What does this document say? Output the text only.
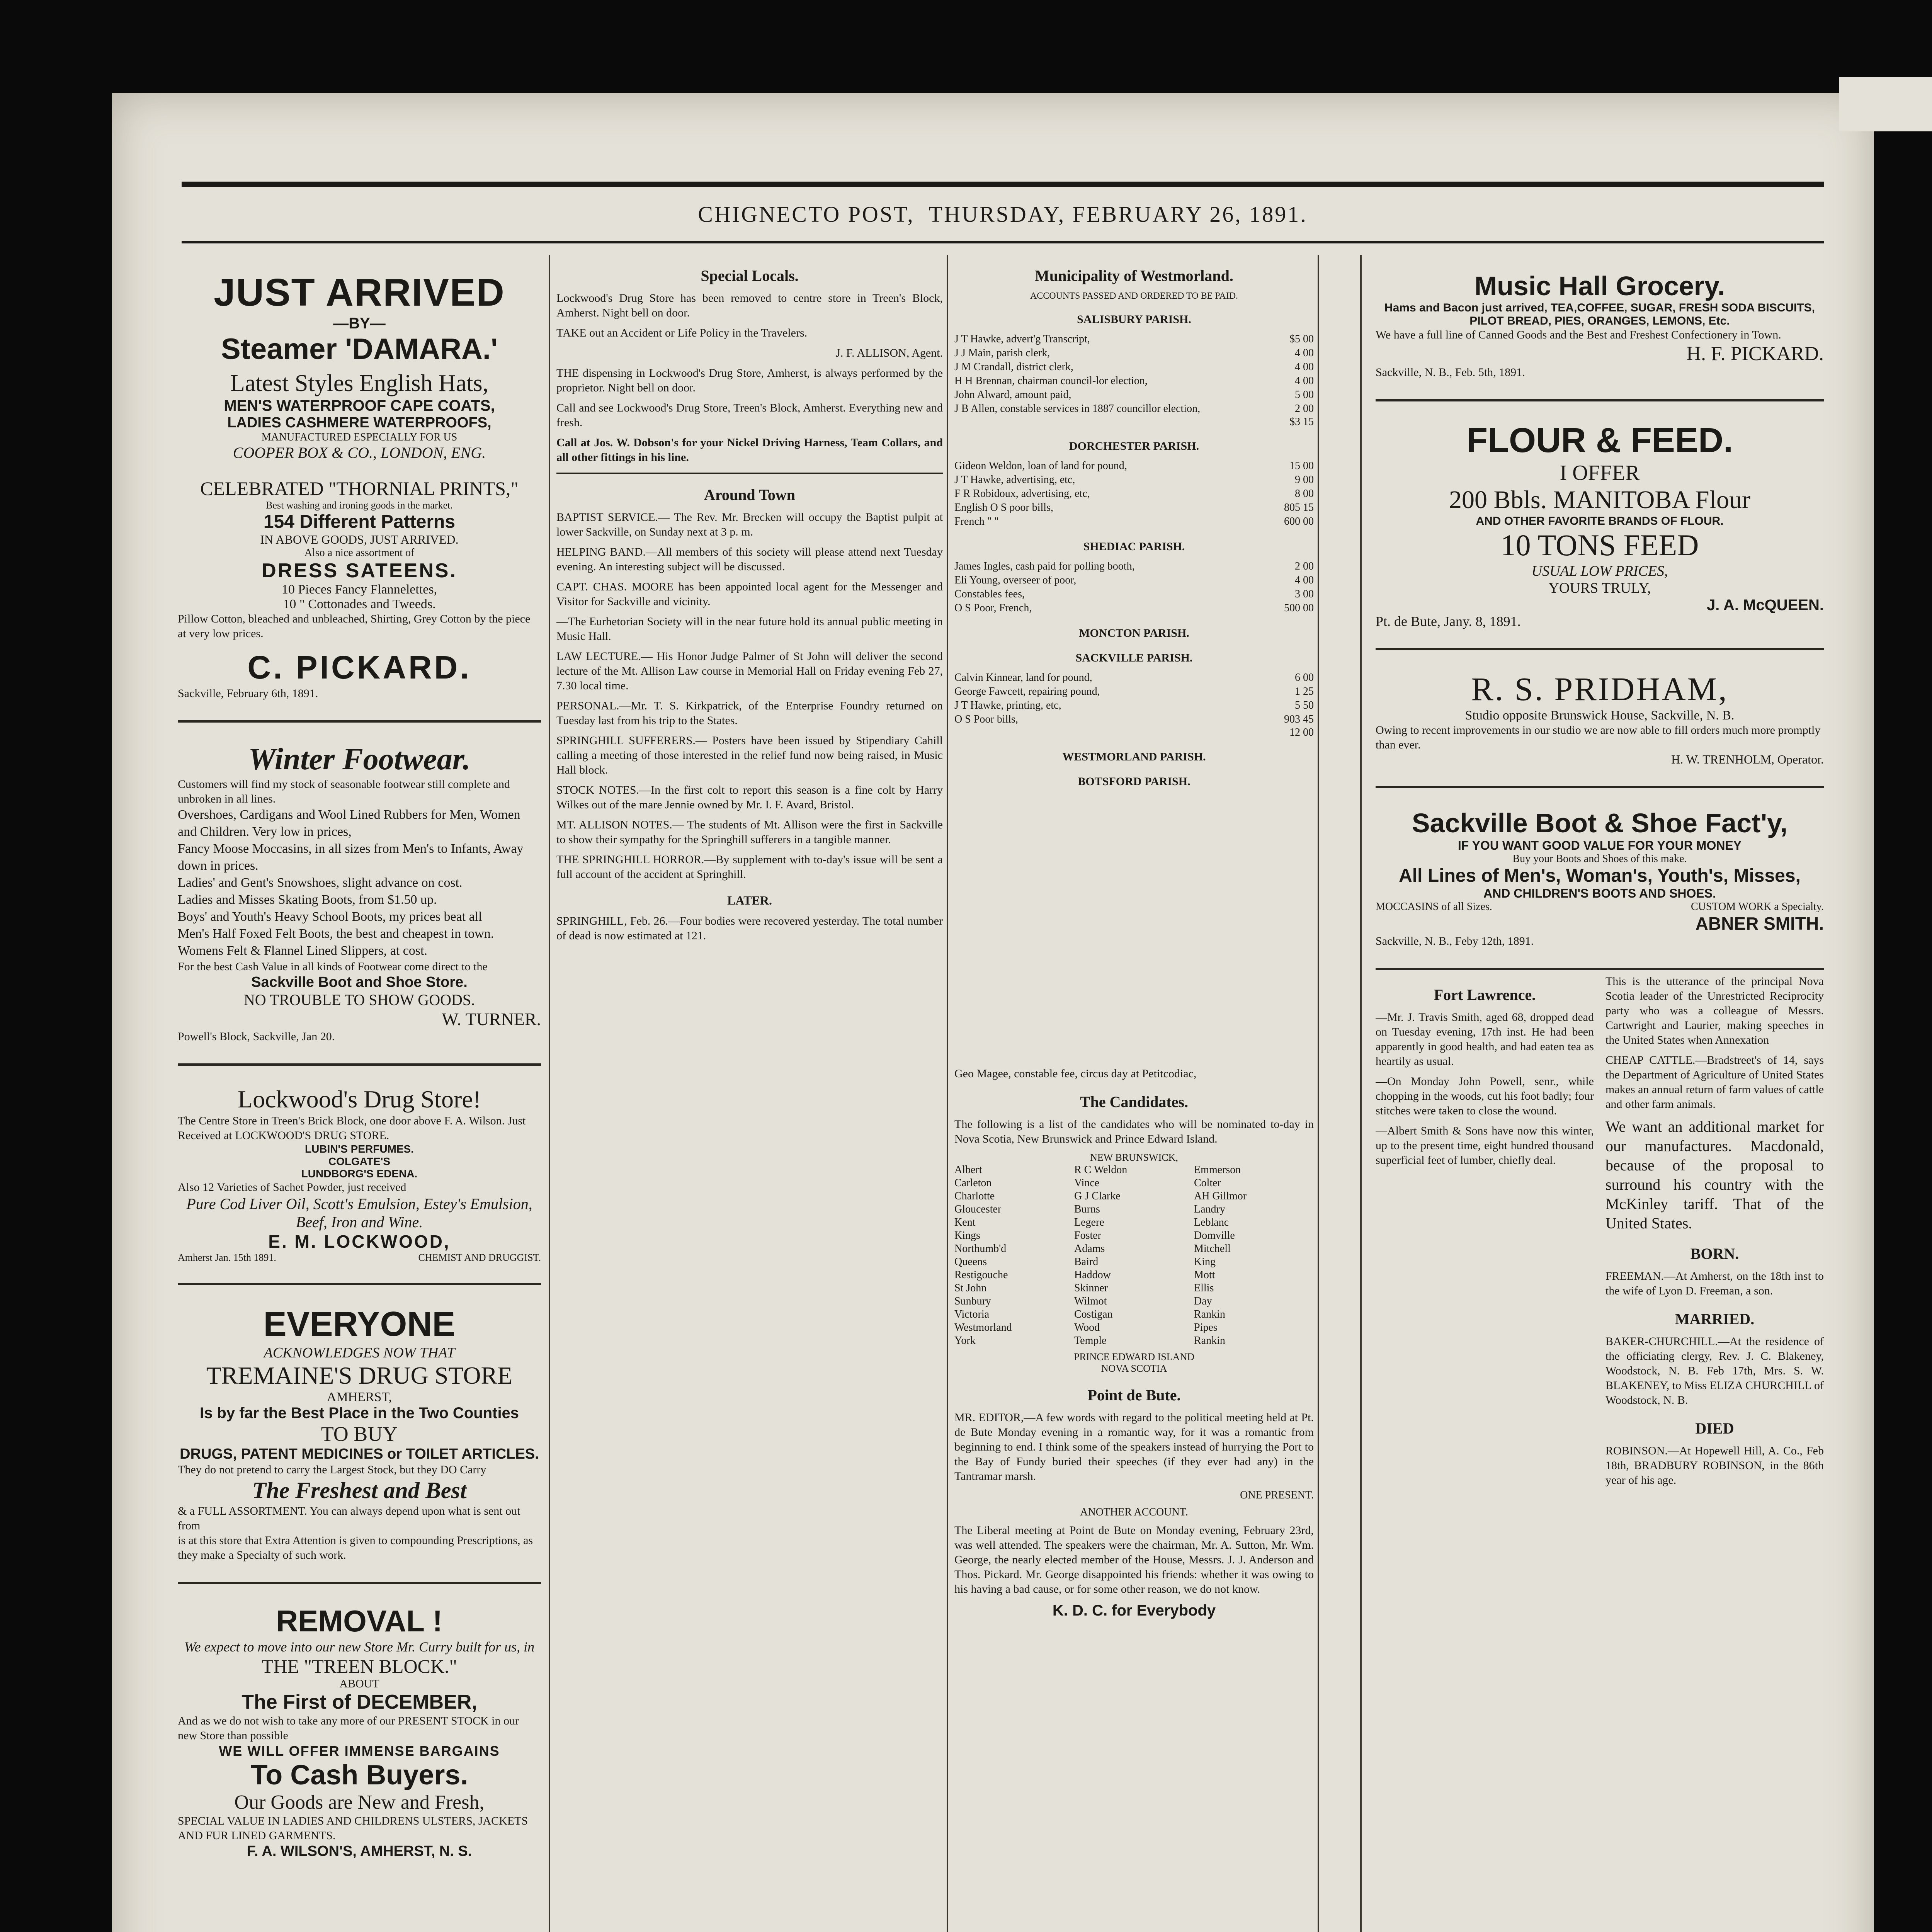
CHIGNECTO POST,
THURSDAY, FEBRUARY 26, 1891.
JUST ARRIVED
—BY—
Steamer 'DAMARA.'
Latest Styles English Hats,
MEN'S WATERPROOF CAPE COATS,
LADIES CASHMERE WATERPROOFS,
MANUFACTURED ESPECIALLY FOR US
COOPER BOX & CO., LONDON, ENG.
CELEBRATED "THORNIAL PRINTS,"
Best washing and ironing goods in the market.
154 Different Patterns
IN ABOVE GOODS, JUST ARRIVED.
Also a nice assortment of
DRESS SATEENS.
10 Pieces Fancy Flannelettes,
10 " Cottonades and Tweeds.
Pillow Cotton, bleached and unbleached, Shirting, Grey Cotton by the piece at very low prices.
C. PICKARD.
Sackville, February 6th, 1891.
Winter Footwear.
Customers will find my stock of seasonable footwear still complete and unbroken in all lines.
Overshoes, Cardigans and Wool Lined Rubbers for Men, Women and Children. Very low in prices,
Fancy Moose Moccasins, in all sizes from Men's to Infants, Away down in prices.
Ladies' and Gent's Snowshoes, slight advance on cost.
Ladies and Misses Skating Boots, from $1.50 up.
Boys' and Youth's Heavy School Boots, my prices beat all
Men's Half Foxed Felt Boots, the best and cheapest in town.
Womens Felt & Flannel Lined Slippers, at cost.
For the best Cash Value in all kinds of Footwear come direct to the
Sackville Boot and Shoe Store.
NO TROUBLE TO SHOW GOODS.
W. TURNER.
Powell's Block, Sackville, Jan 20.
Lockwood's Drug Store!
The Centre Store in Treen's Brick Block, one door above F. A. Wilson. Just Received at LOCKWOOD'S DRUG STORE.
LUBIN'S PERFUMES.
COLGATE'S
LUNDBORG'S EDENA.
Also 12 Varieties of Sachet Powder, just received
Pure Cod Liver Oil, Scott's Emulsion, Estey's Emulsion, Beef, Iron and Wine.
E. M. LOCKWOOD,
Amherst Jan. 15th 1891.	CHEMIST AND DRUGGIST.
EVERYONE
ACKNOWLEDGES NOW THAT
TREMAINE'S DRUG STORE
AMHERST,
Is by far the Best Place in the Two Counties
TO BUY
DRUGS, PATENT MEDICINES or TOILET ARTICLES.
They do not pretend to carry the Largest Stock, but they DO Carry
The Freshest and Best
& a FULL ASSORTMENT. You can always depend upon what is sent out from
is at this store that Extra Attention is given to compounding Prescriptions, as they make a Specialty of such work.
REMOVAL !
We expect to move into our new Store Mr. Curry built for us, in
THE "TREEN BLOCK."
ABOUT
The First of DECEMBER,
And as we do not wish to take any more of our PRESENT STOCK in our new Store than possible
WE WILL OFFER IMMENSE BARGAINS
To Cash Buyers.
Our Goods are New and Fresh,
SPECIAL VALUE IN LADIES AND CHILDRENS ULSTERS, JACKETS AND FUR LINED GARMENTS.
F. A. WILSON'S, AMHERST, N. S.
Special Locals.

Lockwood's Drug Store has been removed to centre store in Treen's Block, Amherst. Night bell on door.

TAKE out an Accident or Life Policy in the Travelers.

J. F. ALLISON, Agent.

THE dispensing in Lockwood's Drug Store, Amherst, is always performed by the proprietor. Night bell on door.

Call and see Lockwood's Drug Store, Treen's Block, Amherst. Everything new and fresh.

Call at Jos. W. Dobson's for your Nickel Driving Harness, Team Collars, and all other fittings in his line.

Around Town

BAPTIST SERVICE.— The Rev. Mr. Brecken will occupy the Baptist pulpit at lower Sackville, on Sunday next at 3 p. m.

HELPING BAND.—All members of this society will please attend next Tuesday evening. An interesting subject will be discussed.

CAPT. CHAS. MOORE has been appointed local agent for the Messenger and Visitor for Sackville and vicinity.

—The Eurhetorian Society will in the near future hold its annual public meeting in Music Hall.

LAW LECTURE.— His Honor Judge Palmer of St John will deliver the second lecture of the Mt. Allison Law course in Memorial Hall on Friday evening Feb 27, 7.30 local time.

PERSONAL.—Mr. T. S. Kirkpatrick, of the Enterprise Foundry returned on Tuesday last from his trip to the States.

SPRINGHILL SUFFERERS.— Posters have been issued by Stipendiary Cahill calling a meeting of those interested in the relief fund now being raised, in Music Hall block.

STOCK NOTES.—In the first colt to report this season is a fine colt by Harry Wilkes out of the mare Jennie owned by Mr. I. F. Avard, Bristol.

MT. ALLISON NOTES.— The students of Mt. Allison were the first in Sackville to show their sympathy for the Springhill sufferers in a tangible manner.

THE SPRINGHILL HORROR.—By supplement with to-day's issue will be sent a full account of the accident at Springhill.

LATER.

SPRINGHILL, Feb. 26.—Four bodies were recovered yesterday. The total number of dead is now estimated at 121.

Municipality of Westmorland.
ACCOUNTS PASSED AND ORDERED TO BE PAID.
SALISBURY PARISH.
J T Hawke, advert'g Transcript,	$5 00
J J Main, parish clerk,	4 00
J M Crandall, district clerk,	4 00
H H Brennan, chairman council-lor election,	4 00
John Alward, amount paid,	5 00
J B Allen, constable services in 1887 councillor election,	2 00
$3 15
DORCHESTER PARISH.
Gideon Weldon, loan of land for pound,	15 00
J T Hawke, advertising, etc,	9 00
F R Robidoux, advertising, etc,	8 00
English O S poor bills,	805 15
French " "	600 00
SHEDIAC PARISH.
James Ingles, cash paid for polling booth,	2 00
Eli Young, overseer of poor,	4 00
Constables fees,	3 00
O S Poor, French,	500 00
MONCTON PARISH.
SACKVILLE PARISH.
Calvin Kinnear, land for pound,	6 00
George Fawcett, repairing pound,	1 25
J T Hawke, printing, etc,	5 50
O S Poor bills,	903 45
12 00
WESTMORLAND PARISH.
BOTSFORD PARISH.
Music Hall Grocery.
Hams and Bacon just arrived, TEA,COFFEE, SUGAR, FRESH SODA BISCUITS, PILOT BREAD, PIES, ORANGES, LEMONS, Etc.
We have a full line of Canned Goods and the Best and Freshest Confectionery in Town.
H. F. PICKARD.
Sackville, N. B., Feb. 5th, 1891.
FLOUR & FEED.
I OFFER
200 Bbls. MANITOBA Flour
AND OTHER FAVORITE BRANDS OF FLOUR.
10 TONS FEED
USUAL LOW PRICES,
YOURS TRULY,
J. A. McQUEEN.
Pt. de Bute, Jany. 8, 1891.
R. S. PRIDHAM,
Studio opposite Brunswick House, Sackville, N. B.
Owing to recent improvements in our studio we are now able to fill orders much more promptly than ever.
H. W. TRENHOLM, Operator.
Sackville Boot & Shoe Fact'y,
IF YOU WANT GOOD VALUE FOR YOUR MONEY
Buy your Boots and Shoes of this make.
All Lines of Men's, Woman's, Youth's, Misses,
AND CHILDREN'S BOOTS AND SHOES.
MOCCASINS of all Sizes.	CUSTOM WORK a Specialty.
ABNER SMITH.
Sackville, N. B., Feby 12th, 1891.
Fort Lawrence.

—Mr. J. Travis Smith, aged 68, dropped dead on Tuesday evening, 17th inst. He had been apparently in good health, and had eaten tea as heartily as usual.

—On Monday John Powell, senr., while chopping in the woods, cut his foot badly; four stitches were taken to close the wound.

—Albert Smith & Sons have now this winter, up to the present time, eight hundred thousand superficial feet of lumber, chiefly deal.

This is the utterance of the principal Nova Scotia leader of the Unrestricted Reciprocity party who was a colleague of Messrs. Cartwright and Laurier, making speeches in the United States when Annexation

CHEAP CATTLE.—Bradstreet's of 14, says the Department of Agriculture of United States makes an annual return of farm values of cattle and other farm animals.

We want an additional market for our manufactures. Macdonald, because of the proposal to surround his country with the McKinley tariff. That of the United States.

BORN.

FREEMAN.—At Amherst, on the 18th inst to the wife of Lyon D. Freeman, a son.

MARRIED.

BAKER-CHURCHILL.—At the residence of the officiating clergy, Rev. J. C. Blakeney, Woodstock, N. B. Feb 17th, Mrs. S. W. BLAKENEY, to Miss ELIZA CHURCHILL of Woodstock, N. B.

DIED

ROBINSON.—At Hopewell Hill, A. Co., Feb 18th, BRADBURY ROBINSON, in the 86th year of his age.

Geo Magee, constable fee, circus day at Petitcodiac,

The Candidates.

The following is a list of the candidates who will be nominated to-day in Nova Scotia, New Brunswick and Prince Edward Island.

NEW BRUNSWICK,
Albert	R C Weldon	Emmerson
Carleton	Vince	Colter
Charlotte	G J Clarke	AH Gillmor
Gloucester	Burns	Landry
Kent	Legere	Leblanc
Kings	Foster	Domville
Northumb'd	Adams	Mitchell
Queens	Baird	King
Restigouche	Haddow	Mott
St John	Skinner	Ellis
Sunbury	Wilmot	Day
Victoria	Costigan	Rankin
Westmorland	Wood	Pipes
York	Temple	Rankin
PRINCE EDWARD ISLAND
NOVA SCOTIA
Point de Bute.

MR. EDITOR,—A few words with regard to the political meeting held at Pt. de Bute Monday evening in a romantic way, for it was a romantic from beginning to end. I think some of the speakers instead of hurrying the Port to the Bay of Fundy buried their speeches (if they ever had any) in the Tantramar marsh.

ONE PRESENT.
ANOTHER ACCOUNT.

The Liberal meeting at Point de Bute on Monday evening, February 23rd, was well attended. The speakers were the chairman, Mr. A. Sutton, Mr. Wm. George, the nearly elected member of the House, Messrs. J. J. Anderson and Thos. Pickard. Mr. George disappointed his friends: whether it was owing to his having a bad cause, or for some other reason, we do not know.

K. D. C. for Everybody
